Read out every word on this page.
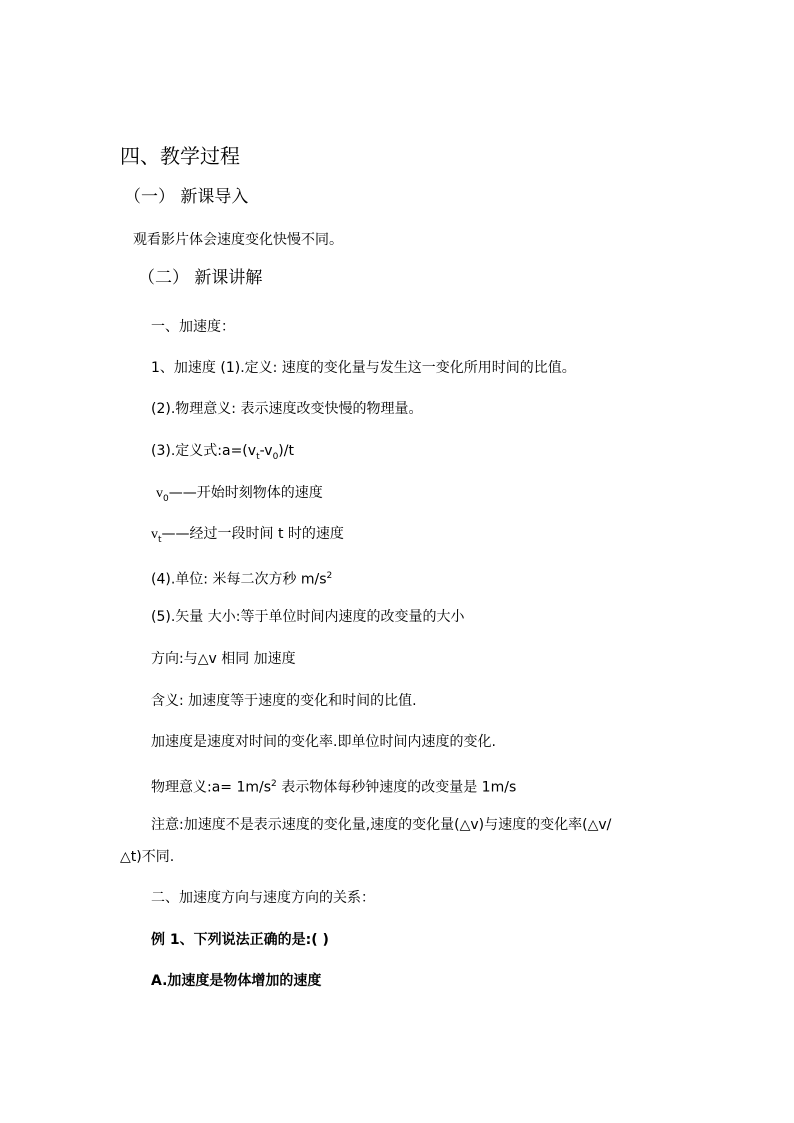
四、教学过程
（一） 新课导入
观看影片体会速度变化快慢不同。
（二） 新课讲解
一、加速度：
1、加速度 (1).定义: 速度的变化量与发生这一变化所用时间的比值。
(2).物理意义: 表示速度改变快慢的物理量。
(3).定义式$:a=(v_t-v_0)/t$
$v_0——$开始时刻物体的速度
$v_t——$经过一段时间 t 时的速度
(4).单位: 米每二次方秒 $m/s^2$
(5).矢量 大小:等于单位时间内速度的改变量的大小
方向:与△v 相同 加速度
含义: 加速度等于速度的变化和时间的比值.
加速度是速度对时间的变化率.即单位时间内速度的变化.
物理意义:a= $1m/s^2$ 表示物体每秒钟速度的改变量是 1m/s
注意:加速度不是表示速度的变化量,速度的变化量(△v)与速度的变化率(△v/
△t)不同.
二、加速度方向与速度方向的关系：
例 1、下列说法正确的是:( )
A.加速度是物体增加的速度
